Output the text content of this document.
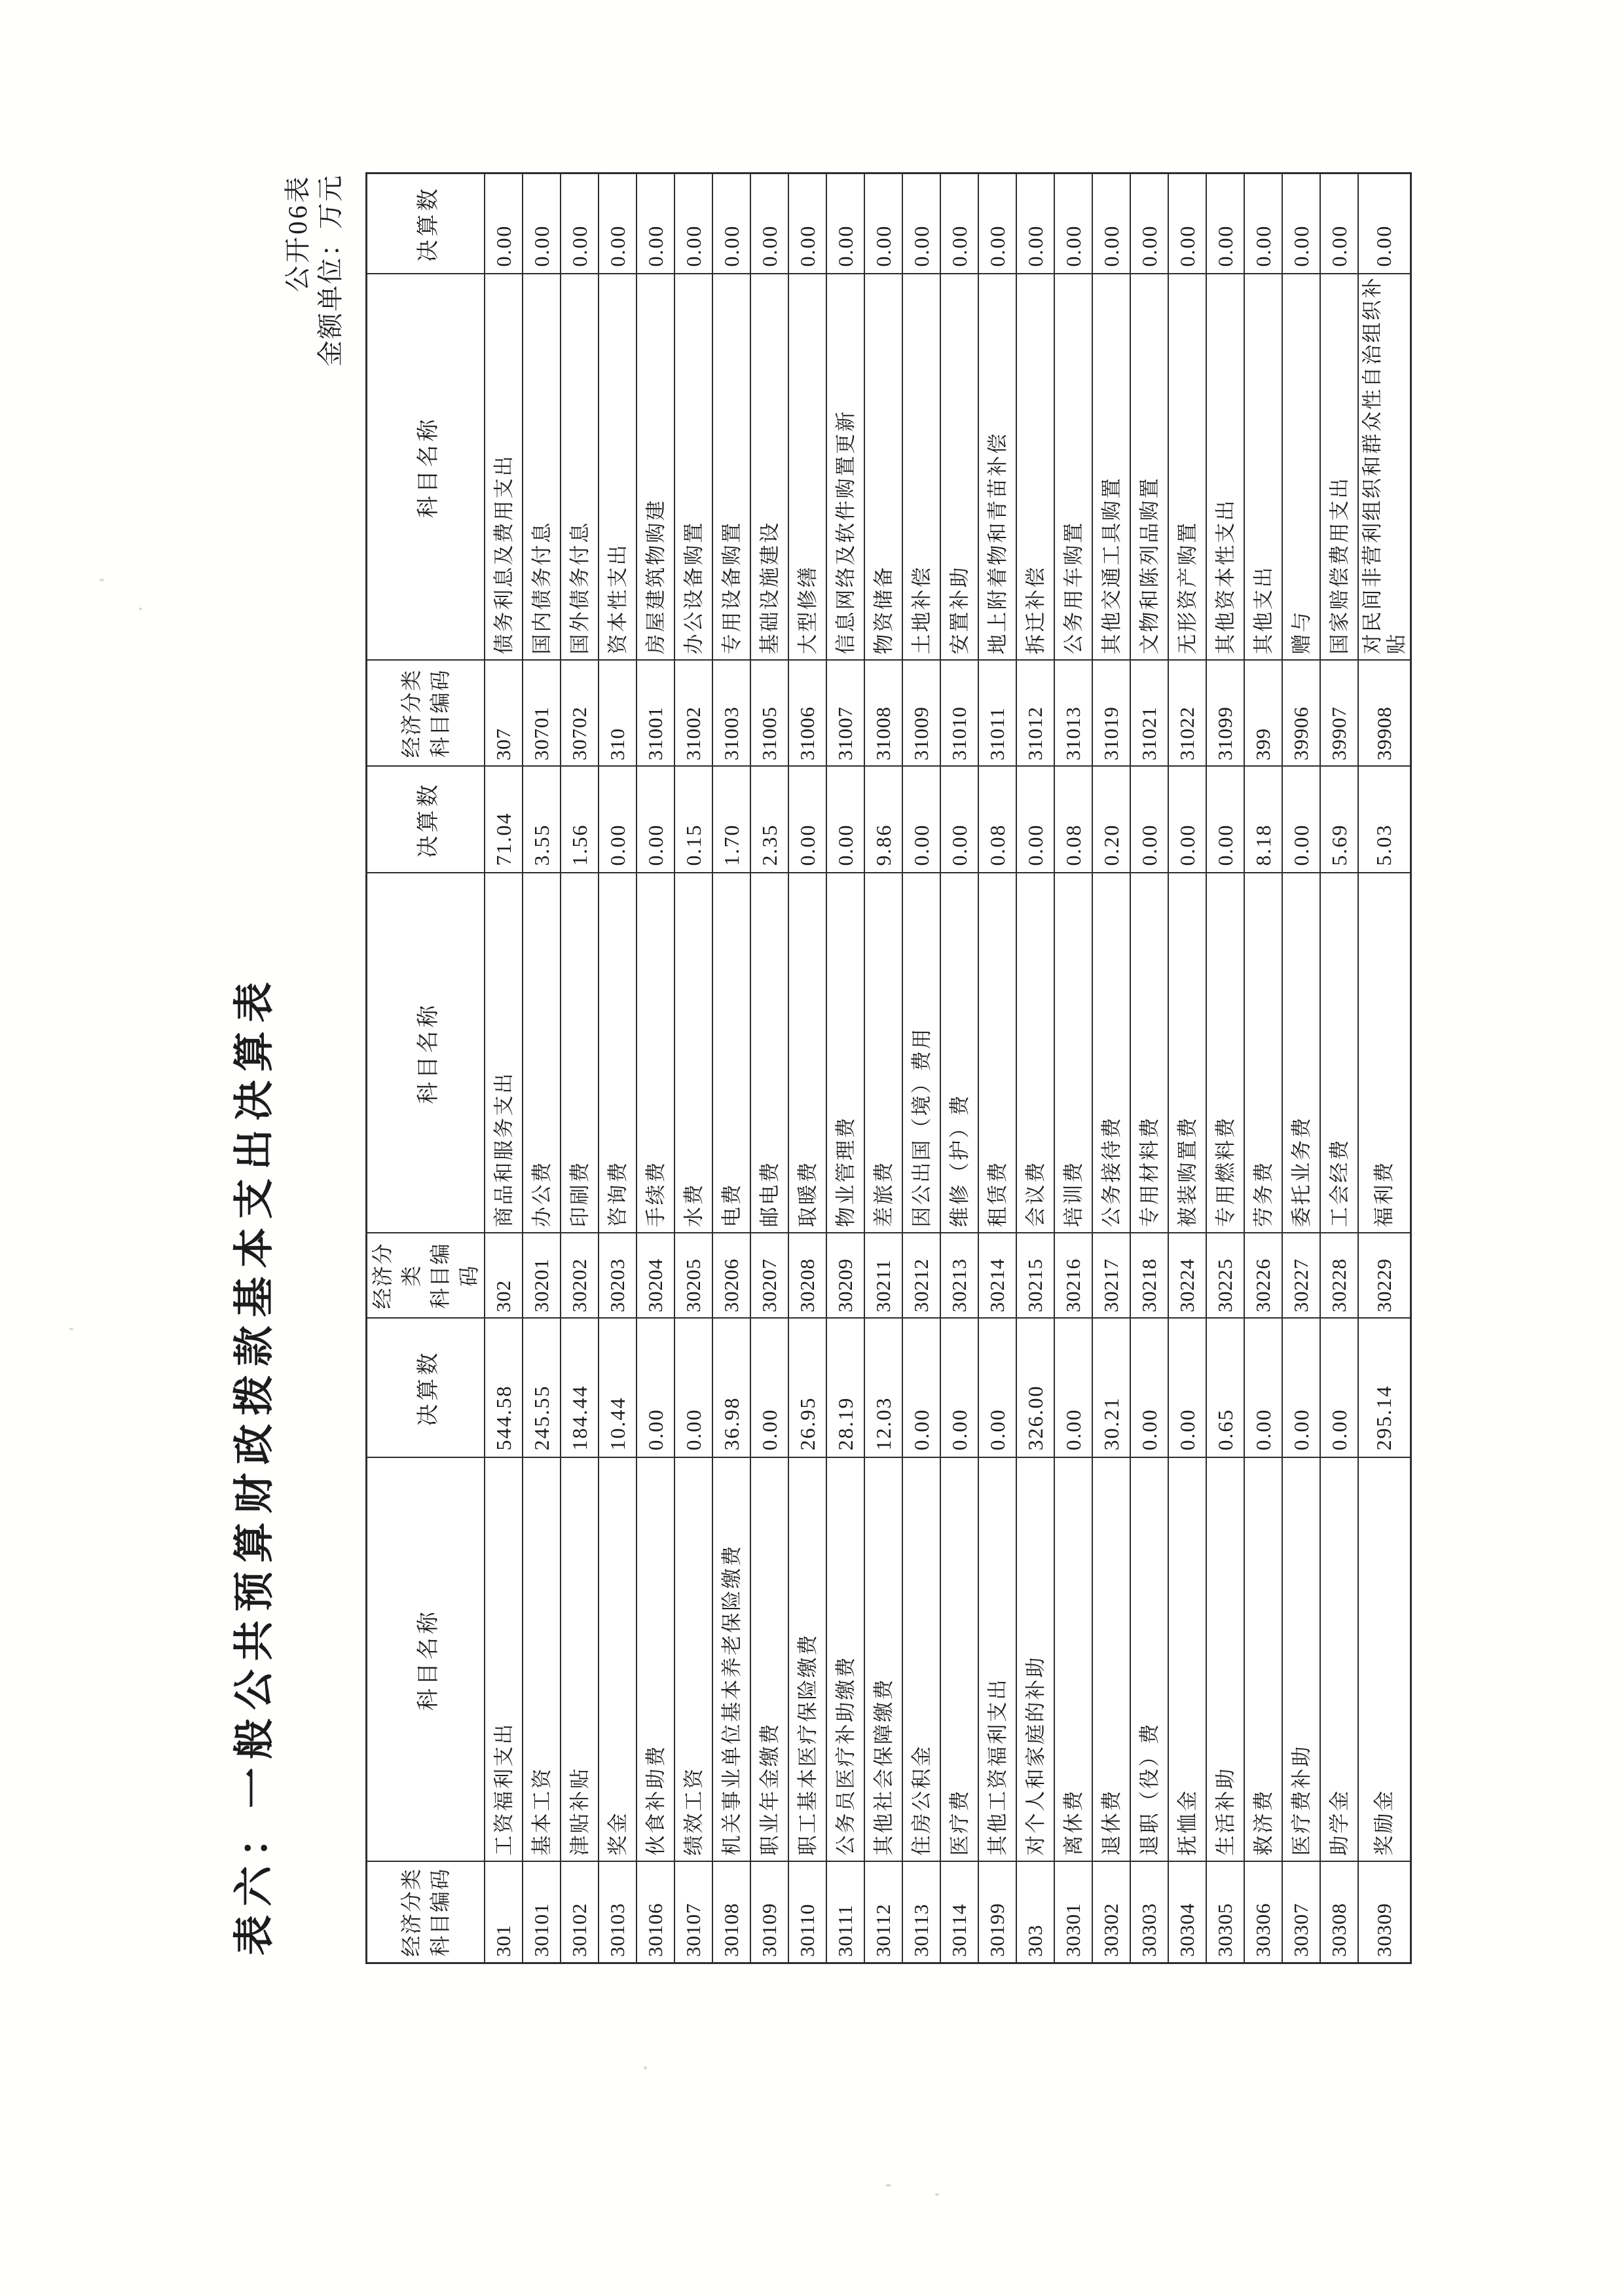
表六：一般公共预算财政拨款基本支出决算表
公开06表 金额单位：万元
经济分类 科目编码	科目名称	决算数	经济分类 科目编码	科目名称	决算数	经济分类 科目编码	科目名称	决算数
301	工资福利支出	544.58	302	商品和服务支出	71.04	307	债务利息及费用支出	0.00
30101	基本工资	245.55	30201	办公费	3.55	30701	国内债务付息	0.00
30102	津贴补贴	184.44	30202	印刷费	1.56	30702	国外债务付息	0.00
30103	奖金	10.44	30203	咨询费	0.00	310	资本性支出	0.00
30106	伙食补助费	0.00	30204	手续费	0.00	31001	房屋建筑物购建	0.00
30107	绩效工资	0.00	30205	水费	0.15	31002	办公设备购置	0.00
30108	机关事业单位基本养老保险缴费	36.98	30206	电费	1.70	31003	专用设备购置	0.00
30109	职业年金缴费	0.00	30207	邮电费	2.35	31005	基础设施建设	0.00
30110	职工基本医疗保险缴费	26.95	30208	取暖费	0.00	31006	大型修缮	0.00
30111	公务员医疗补助缴费	28.19	30209	物业管理费	0.00	31007	信息网络及软件购置更新	0.00
30112	其他社会保障缴费	12.03	30211	差旅费	9.86	31008	物资储备	0.00
30113	住房公积金	0.00	30212	因公出国（境）费用	0.00	31009	土地补偿	0.00
30114	医疗费	0.00	30213	维修（护）费	0.00	31010	安置补助	0.00
30199	其他工资福利支出	0.00	30214	租赁费	0.08	31011	地上附着物和青苗补偿	0.00
303	对个人和家庭的补助	326.00	30215	会议费	0.00	31012	拆迁补偿	0.00
30301	离休费	0.00	30216	培训费	0.08	31013	公务用车购置	0.00
30302	退休费	30.21	30217	公务接待费	0.20	31019	其他交通工具购置	0.00
30303	退职（役）费	0.00	30218	专用材料费	0.00	31021	文物和陈列品购置	0.00
30304	抚恤金	0.00	30224	被装购置费	0.00	31022	无形资产购置	0.00
30305	生活补助	0.65	30225	专用燃料费	0.00	31099	其他资本性支出	0.00
30306	救济费	0.00	30226	劳务费	8.18	399	其他支出	0.00
30307	医疗费补助	0.00	30227	委托业务费	0.00	39906	赠与	0.00
30308	助学金	0.00	30228	工会经费	5.69	39907	国家赔偿费用支出	0.00
30309	奖励金	295.14	30229	福利费	5.03	39908	对民间非营利组织和群众性自治组织补贴	0.00
